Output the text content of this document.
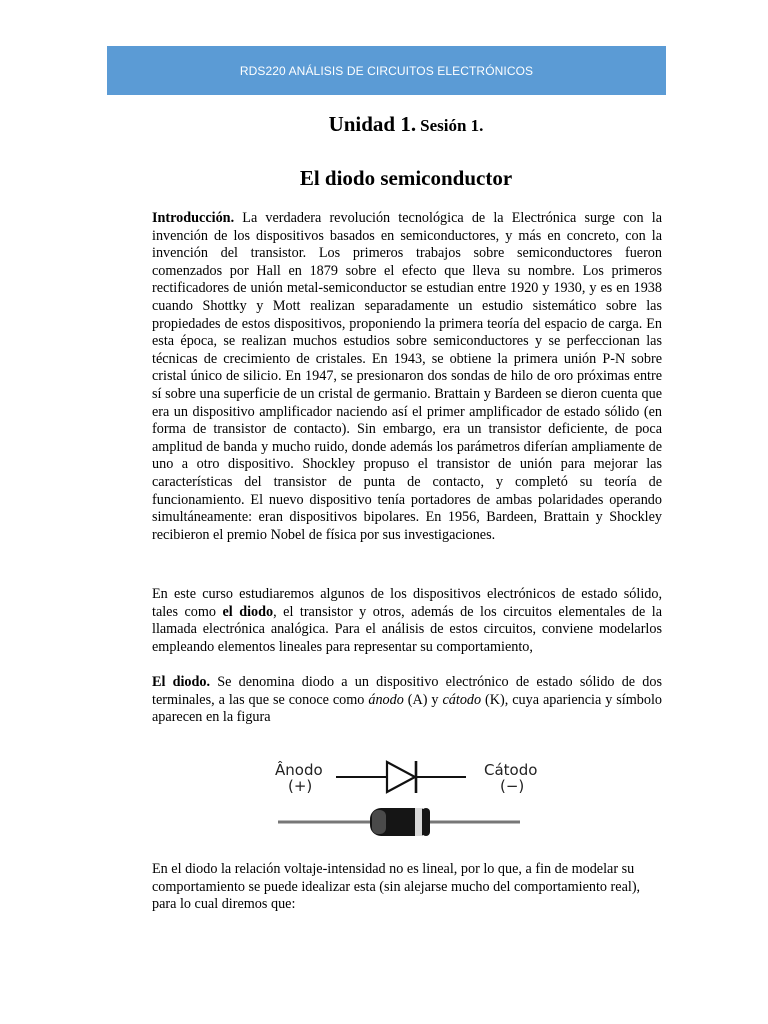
RDS220 ANÁLISIS DE CIRCUITOS ELECTRÓNICOS
Unidad 1. Sesión 1.
El diodo semiconductor

Introducción. La verdadera revolución tecnológica de la Electrónica surge con la invención de los dispositivos basados en semiconductores, y más en concreto, con la invención del transistor. Los primeros trabajos sobre semiconductores fueron comenzados por Hall en 1879 sobre el efecto que lleva su nombre. Los primeros rectificadores de unión metal-semiconductor se estudian entre 1920 y 1930, y es en 1938 cuando Shottky y Mott realizan separadamente un estudio sistemático sobre las propiedades de estos dispositivos, proponiendo la primera teoría del espacio de carga. En esta época, se realizan muchos estudios sobre semiconductores y se perfeccionan las técnicas de crecimiento de cristales. En 1943, se obtiene la primera unión P-N sobre cristal único de silicio. En 1947, se presionaron dos sondas de hilo de oro próximas entre sí sobre una superficie de un cristal de germanio. Brattain y Bardeen se dieron cuenta que era un dispositivo amplificador naciendo así el primer amplificador de estado sólido (en forma de transistor de contacto). Sin embargo, era un transistor deficiente, de poca amplitud de banda y mucho ruido, donde además los parámetros diferían ampliamente de uno a otro dispositivo. Shockley propuso el transistor de unión para mejorar las características del transistor de punta de contacto, y completó su teoría de funcionamiento. El nuevo dispositivo tenía portadores de ambas polaridades operando simultáneamente: eran dispositivos bipolares. En 1956, Bardeen, Brattain y Shockley recibieron el premio Nobel de física por sus investigaciones.

En este curso estudiaremos algunos de los dispositivos electrónicos de estado sólido, tales como el diodo, el transistor y otros, además de los circuitos elementales de la llamada electrónica analógica. Para el análisis de estos circuitos, conviene modelarlos empleando elementos lineales para representar su comportamiento,

El diodo. Se denomina diodo a un dispositivo electrónico de estado sólido de dos terminales, a las que se conoce como ánodo (A) y cátodo (K), cuya apariencia y símbolo aparecen en la figura

Ânodo
(+)
Cátodo
(−)

En el diodo la relación voltaje-intensidad no es lineal, por lo que, a fin de modelar su comportamiento se puede idealizar esta (sin alejarse mucho del comportamiento real), para lo cual diremos que:
